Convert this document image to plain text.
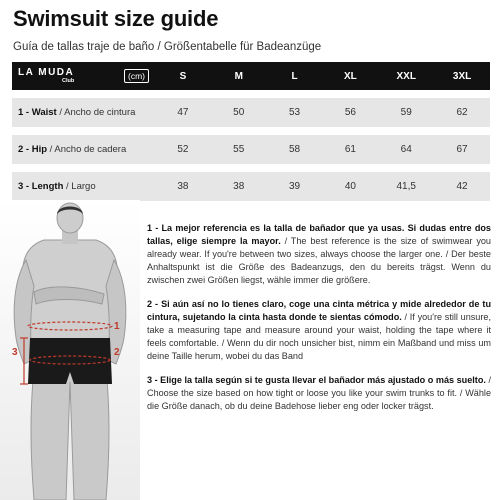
Swimsuit size guide
Guía de tallas traje de baño / Größentabelle für Badeanzüge
LA MUDA
Club (cm)	S	M	L	XL	XXL	3XL

1 - Waist / Ancho de cintura	47	50	53	56	59	62

2 - Hip / Ancho de cadera	52	55	58	61	64	67

3 - Length / Largo	38	38	39	40	41,5	42
1
2
3

1 - La mejor referencia es la talla de bañador que ya usas. Si dudas entre dos tallas, elige siempre la mayor. / The best reference is the size of swimwear you already wear. If you're between two sizes, always choose the larger one. / Der beste Anhaltspunkt ist die Größe des Badeanzugs, den du bereits trägst. Wenn du zwischen zwei Größen liegst, wähle immer die größere.

2 - Si aún así no lo tienes claro, coge una cinta métrica y mide alrededor de tu cintura, sujetando la cinta hasta donde te sientas cómodo. / If you're still unsure, take a measuring tape and measure around your waist, holding the tape where it feels comfortable. / Wenn du dir noch unsicher bist, nimm ein Maßband und miss um deine Taille herum, wobei du das Band

3 - Elige la talla según si te gusta llevar el bañador más ajustado o más suelto. / Choose the size based on how tight or loose you like your swim trunks to fit. / Wähle die Größe danach, ob du deine Badehose lieber eng oder locker trägst.
